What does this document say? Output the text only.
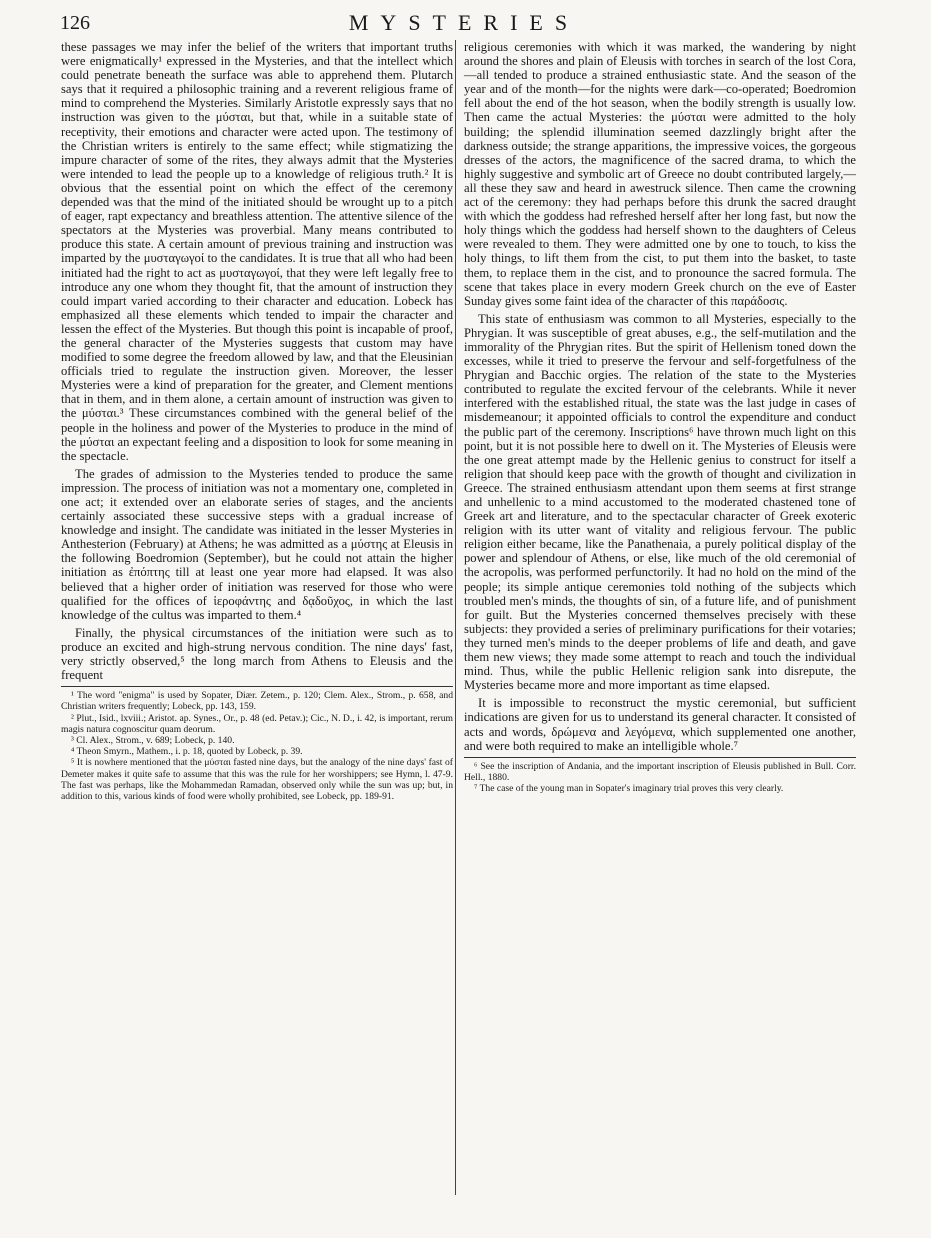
126	MYSTERIES

these passages we may infer the belief of the writers that important truths were enigmatically¹ expressed in the Mysteries, and that the intellect which could penetrate beneath the surface was able to apprehend them. Plutarch says that it required a philosophic training and a reverent religious frame of mind to comprehend the Mysteries. Similarly Aristotle expressly says that no instruction was given to the μύσται, but that, while in a suitable state of receptivity, their emotions and character were acted upon. The testimony of the Christian writers is entirely to the same effect; while stigmatizing the impure character of some of the rites, they always admit that the Mysteries were intended to lead the people up to a knowledge of religious truth.² It is obvious that the essential point on which the effect of the ceremony depended was that the mind of the initiated should be wrought up to a pitch of eager, rapt expectancy and breathless attention. The attentive silence of the spectators at the Mysteries was proverbial. Many means contributed to produce this state. A certain amount of previous training and instruction was imparted by the μυσταγωγοί to the candidates. It is true that all who had been initiated had the right to act as μυσταγωγοί, that they were left legally free to introduce any one whom they thought fit, that the amount of instruction they could impart varied according to their character and education. Lobeck has emphasized all these elements which tended to impair the character and lessen the effect of the Mysteries. But though this point is incapable of proof, the general character of the Mysteries suggests that custom may have modified to some degree the freedom allowed by law, and that the Eleusinian officials tried to regulate the instruction given. Moreover, the lesser Mysteries were a kind of preparation for the greater, and Clement mentions that in them, and in them alone, a certain amount of instruction was given to the μύσται.³ These circumstances combined with the general belief of the people in the holiness and power of the Mysteries to produce in the mind of the μύσται an expectant feeling and a disposition to look for some meaning in the spectacle.

The grades of admission to the Mysteries tended to produce the same impression. The process of initiation was not a momentary one, completed in one act; it extended over an elaborate series of stages, and the ancients certainly associated these successive steps with a gradual increase of knowledge and insight. The candidate was initiated in the lesser Mysteries in Anthesterion (February) at Athens; he was admitted as a μύστης at Eleusis in the following Boedromion (September), but he could not attain the higher initiation as ἐπόπτης till at least one year more had elapsed. It was also believed that a higher order of initiation was reserved for those who were qualified for the offices of ἱεροφάντης and δᾳδοῦχος, in which the last knowledge of the cultus was imparted to them.⁴

Finally, the physical circumstances of the initiation were such as to produce an excited and high-strung nervous condition. The nine days' fast, very strictly observed,⁵ the long march from Athens to Eleusis and the frequent

¹ The word "enigma" is used by Sopater, Diær. Zetem., p. 120; Clem. Alex., Strom., p. 658, and Christian writers frequently; Lobeck, pp. 143, 159.
² Plut., Isid., lxviii.; Aristot. ap. Synes., Or., p. 48 (ed. Petav.); Cic., N. D., i. 42, is important, rerum magis natura cognoscitur quam deorum.
³ Cl. Alex., Strom., v. 689; Lobeck, p. 140.
⁴ Theon Smyrn., Mathem., i. p. 18, quoted by Lobeck, p. 39.
⁵ It is nowhere mentioned that the μύσται fasted nine days, but the analogy of the nine days' fast of Demeter makes it quite safe to assume that this was the rule for her worshippers; see Hymn, l. 47-9. The fast was perhaps, like the Mohammedan Ramadan, observed only while the sun was up; but, in addition to this, various kinds of food were wholly prohibited, see Lobeck, pp. 189-91.

religious ceremonies with which it was marked, the wandering by night around the shores and plain of Eleusis with torches in search of the lost Cora,—all tended to produce a strained enthusiastic state. And the season of the year and of the month—for the nights were dark—co-operated; Boedromion fell about the end of the hot season, when the bodily strength is usually low. Then came the actual Mysteries: the μύσται were admitted to the holy building; the splendid illumination seemed dazzlingly bright after the darkness outside; the strange apparitions, the impressive voices, the gorgeous dresses of the actors, the magnificence of the sacred drama, to which the highly suggestive and symbolic art of Greece no doubt contributed largely,—all these they saw and heard in awestruck silence. Then came the crowning act of the ceremony: they had perhaps before this drunk the sacred draught with which the goddess had refreshed herself after her long fast, but now the holy things which the goddess had herself shown to the daughters of Celeus were revealed to them. They were admitted one by one to touch, to kiss the holy things, to lift them from the cist, to put them into the basket, to taste them, to replace them in the cist, and to pronounce the sacred formula. The scene that takes place in every modern Greek church on the eve of Easter Sunday gives some faint idea of the character of this παράδοσις.

This state of enthusiasm was common to all Mysteries, especially to the Phrygian. It was susceptible of great abuses, e.g., the self-mutilation and the immorality of the Phrygian rites. But the spirit of Hellenism toned down the excesses, while it tried to preserve the fervour and self-forgetfulness of the Phrygian and Bacchic orgies. The relation of the state to the Mysteries contributed to regulate the excited fervour of the celebrants. While it never interfered with the established ritual, the state was the last judge in cases of misdemeanour; it appointed officials to control the expenditure and conduct the public part of the ceremony. Inscriptions⁶ have thrown much light on this point, but it is not possible here to dwell on it. The Mysteries of Eleusis were the one great attempt made by the Hellenic genius to construct for itself a religion that should keep pace with the growth of thought and civilization in Greece. The strained enthusiasm attendant upon them seems at first strange and unhellenic to a mind accustomed to the moderated chastened tone of Greek art and literature, and to the spectacular character of Greek exoteric religion with its utter want of vitality and religious fervour. The public religion either became, like the Panathenaia, a purely political display of the power and splendour of Athens, or else, like much of the old ceremonial of the acropolis, was performed perfunctorily. It had no hold on the mind of the people; its simple antique ceremonies told nothing of the subjects which troubled men's minds, the thoughts of sin, of a future life, and of punishment for guilt. But the Mysteries concerned themselves precisely with these subjects: they provided a series of preliminary purifications for their votaries; they turned men's minds to the deeper problems of life and death, and gave them new views; they made some attempt to reach and touch the individual mind. Thus, while the public Hellenic religion sank into disrepute, the Mysteries became more and more important as time elapsed.

It is impossible to reconstruct the mystic ceremonial, but sufficient indications are given for us to understand its general character. It consisted of acts and words, δρώμενα and λεγόμενα, which supplemented one another, and were both required to make an intelligible whole.⁷

⁶ See the inscription of Andania, and the important inscription of Eleusis published in Bull. Corr. Hell., 1880.
⁷ The case of the young man in Sopater's imaginary trial proves this very clearly.
